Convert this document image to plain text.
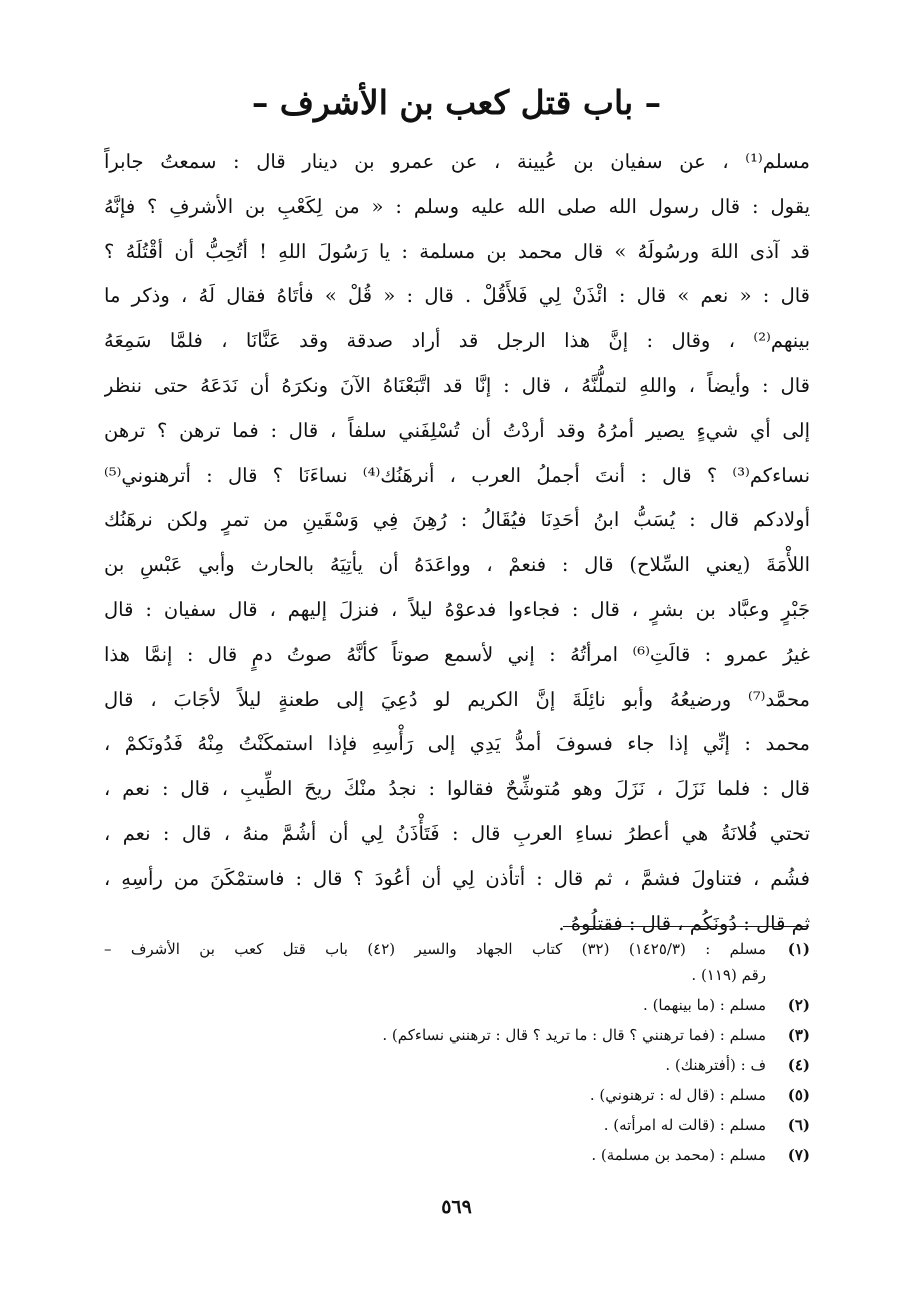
– باب قتل كعب بن الأشرف –
مسلم⁽¹⁾ ، عن سفيان بن عُيينة ، عن عمرو بن دينار قال : سمعتُ جابراً
يقول : قال رسول الله صلى الله عليه وسلم : « من لِكَعْبِ بن الأشرفِ ؟ فإنَّهُ
قد آذى اللهَ ورسُولَهُ » قال محمد بن مسلمة : يا رَسُولَ اللهِ ! أتُحِبُّ أن أقْتُلَهُ ؟
قال : « نعم » قال : ائْذَنْ لِي فَلأَقُلْ . قال : « قُلْ » فأتَاهُ فقال لَهُ ، وذكر ما
بينهم⁽²⁾ ، وقال : إنَّ هذا الرجل قد أراد صدقة وقد عَنَّانَا ، فلمَّا سَمِعَهُ
قال : وأيضاً ، واللهِ لتملُّنَّهُ ، قال : إنَّا قد اتَّبَعْنَاهُ الآنَ ونكرَهُ أن نَدَعَهُ حتى ننظر
إلى أي شيءٍ يصير أمرُهُ وقد أردْتُ أن تُسْلِفَني سلفاً ، قال : فما ترهن ؟ ترهن
نساءكم⁽³⁾ ؟ قال : أنتَ أجملُ العرب ، أنرهَنُك⁽⁴⁾ نساءَنَا ؟ قال : أترهنوني⁽⁵⁾
أولادكم قال : يُسَبُّ ابنُ أحَدِنَا فيُقَالُ : رُهِنَ فِي وَسْقَينِ من تمرٍ ولكن نرهَنُك
اللأْمَةَ (يعني السِّلاح) قال : فنعمْ ، وواعَدَهُ أن يأتِيَهُ بالحارث وأبي عَبْسِ بن
جَبْرٍ وعبَّاد بن بشرٍ ، قال : فجاءوا فدعوْهُ ليلاً ، فنزلَ إليهم ، قال سفيان : قال
غيرُ عمرو : قالَتِ⁽⁶⁾ امرأتُهُ : إني لأسمع صوتاً كأنَّهُ صوتُ دمٍ قال : إنمَّا هذا
محمَّد⁽⁷⁾ ورضيعُهُ وأبو نائِلَةَ إنَّ الكريم لو دُعِيَ إلى طعنةٍ ليلاً لأجَابَ ، قال
محمد : إنِّي إذا جاء فسوفَ أمدُّ يَدِي إلى رَأْسِهِ فإذا استمكَنْتُ مِنْهُ فَدُونَكمْ ،
قال : فلما نَزَلَ ، نَزَلَ وهو مُتوشِّحٌ فقالوا : نجدُ منْكَ ريحَ الطِّيبِ ، قال : نعم ،
تحتي فُلانَةُ هي أعطرُ نساءِ العربِ قال : فَتَأْذَنُ لِي أن أشُمَّ منهُ ، قال : نعم ،
فشُم ، فتناولَ فشمَّ ، ثم قال : أتأذن لِي أن أعُودَ ؟ قال : فاستمْكَنَ من رأسِهِ ،
ثم قال : دُونَكُم ، قال : فقتلُوهُ .
(١)
مسلم : (١٤٢٥/٣) (٣٢) كتاب الجهاد والسير (٤٢) باب قتل كعب بن الأشرف –
رقم (١١٩) .
(٢)
مسلم : (ما بينهما) .
(٣)
مسلم : (فما ترهنني ؟ قال : ما تريد ؟ قال : ترهنني نساءكم) .
(٤)
ف : (أفترهنك) .
(٥)
مسلم : (قال له : ترهنوني) .
(٦)
مسلم : (قالت له امرأته) .
(٧)
مسلم : (محمد بن مسلمة) .
٥٦٩
